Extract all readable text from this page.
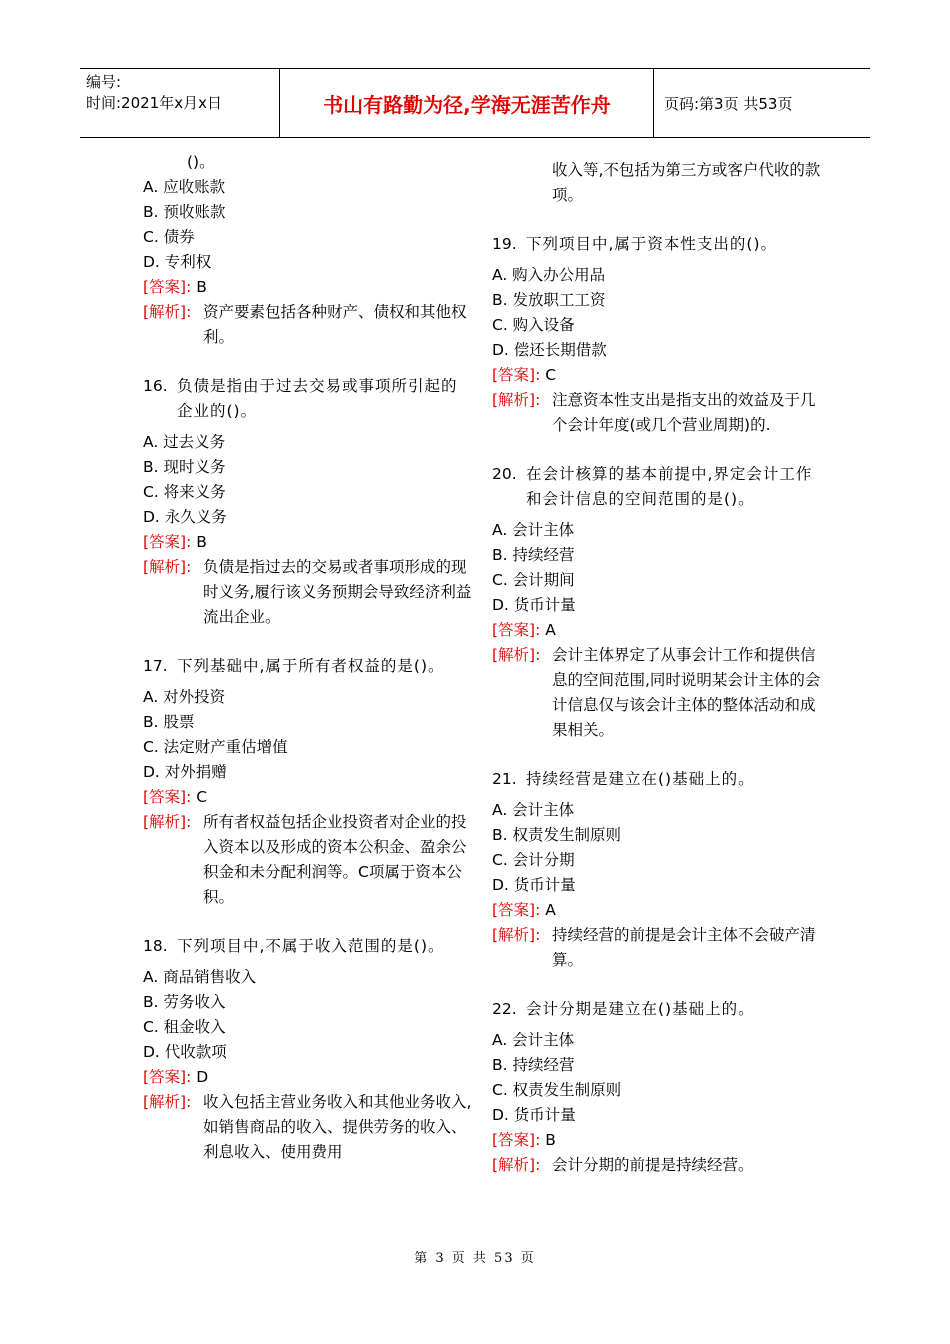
编号:
时间:2021年x月x日	书山有路勤为径,学海无涯苦作舟	页码:第3页 共53页
()。
A. 应收账款
B. 预收账款
C. 债券
D. 专利权
[答案]: B
[解析]: 资产要素包括各种财产、债权和其他权利。
16. 负债是指由于过去交易或事项所引起的企业的()。
A. 过去义务
B. 现时义务
C. 将来义务
D. 永久义务
[答案]: B
[解析]: 负债是指过去的交易或者事项形成的现时义务,履行该义务预期会导致经济利益流出企业。
17. 下列基础中,属于所有者权益的是()。
A. 对外投资
B. 股票
C. 法定财产重估增值
D. 对外捐赠
[答案]: C
[解析]: 所有者权益包括企业投资者对企业的投入资本以及形成的资本公积金、盈余公积金和未分配利润等。C项属于资本公积。
18. 下列项目中,不属于收入范围的是()。
A. 商品销售收入
B. 劳务收入
C. 租金收入
D. 代收款项
[答案]: D
[解析]: 收入包括主营业务收入和其他业务收入,如销售商品的收入、提供劳务的收入、利息收入、使用费用
收入等,不包括为第三方或客户代收的款项。
19. 下列项目中,属于资本性支出的()。
A. 购入办公用品
B. 发放职工工资
C. 购入设备
D. 偿还长期借款
[答案]: C
[解析]: 注意资本性支出是指支出的效益及于几个会计年度(或几个营业周期)的.
20. 在会计核算的基本前提中,界定会计工作和会计信息的空间范围的是()。
A. 会计主体
B. 持续经营
C. 会计期间
D. 货币计量
[答案]: A
[解析]: 会计主体界定了从事会计工作和提供信息的空间范围,同时说明某会计主体的会计信息仅与该会计主体的整体活动和成果相关。
21. 持续经营是建立在()基础上的。
A. 会计主体
B. 权责发生制原则
C. 会计分期
D. 货币计量
[答案]: A
[解析]: 持续经营的前提是会计主体不会破产清算。
22. 会计分期是建立在()基础上的。
A. 会计主体
B. 持续经营
C. 权责发生制原则
D. 货币计量
[答案]: B
[解析]: 会计分期的前提是持续经营。
第 3 页 共 53 页
